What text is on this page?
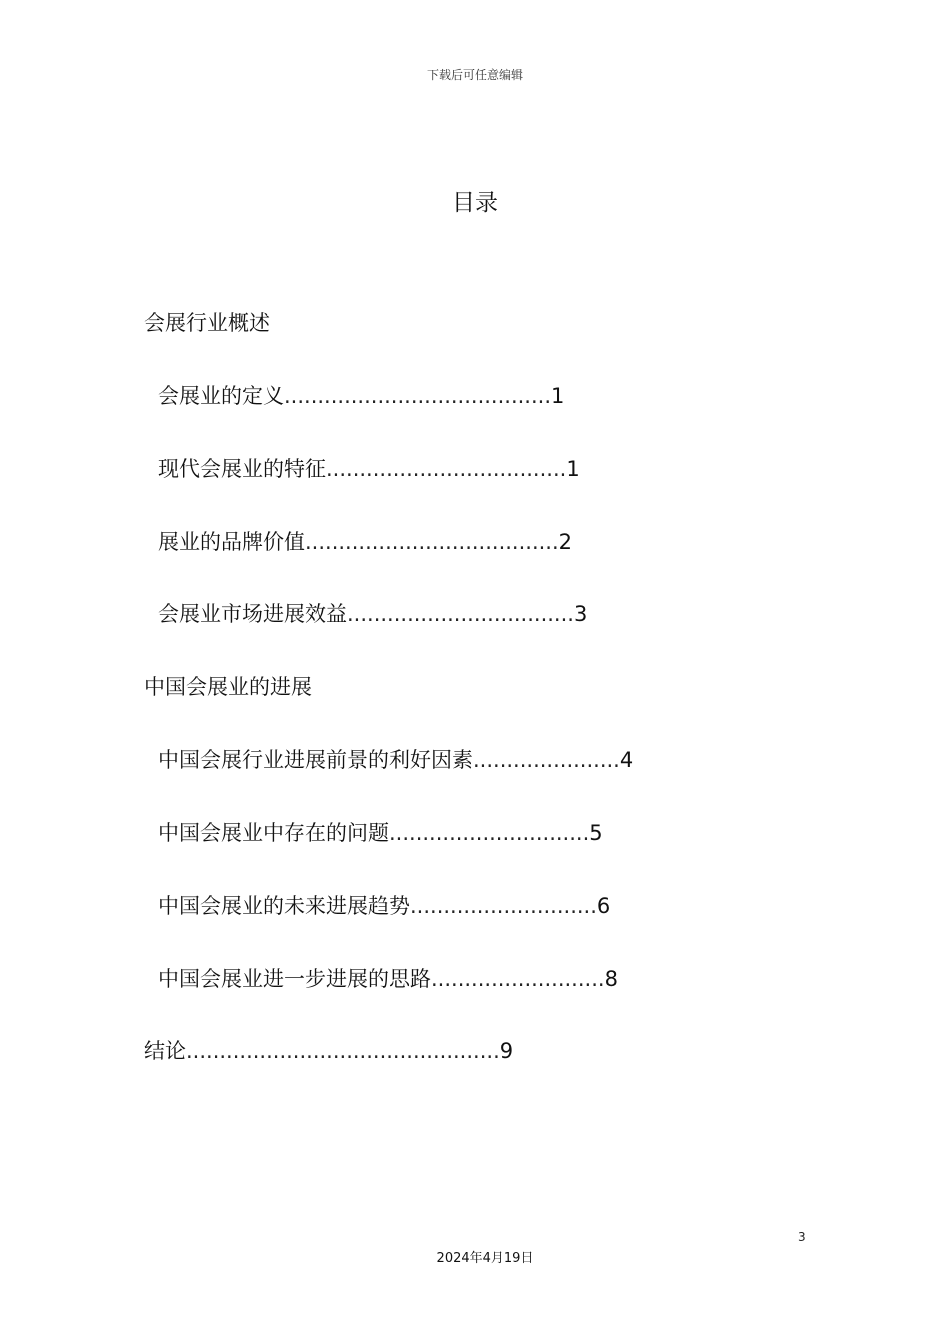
下载后可任意编辑
目录
会展行业概述
会展业的定义........................................1
现代会展业的特征....................................1
展业的品牌价值......................................2
会展业市场进展效益..................................3
中国会展业的进展
中国会展行业进展前景的利好因素......................4
中国会展业中存在的问题..............................5
中国会展业的未来进展趋势............................6
中国会展业进一步进展的思路..........................8
结论...............................................9
3
2024年4月19日
